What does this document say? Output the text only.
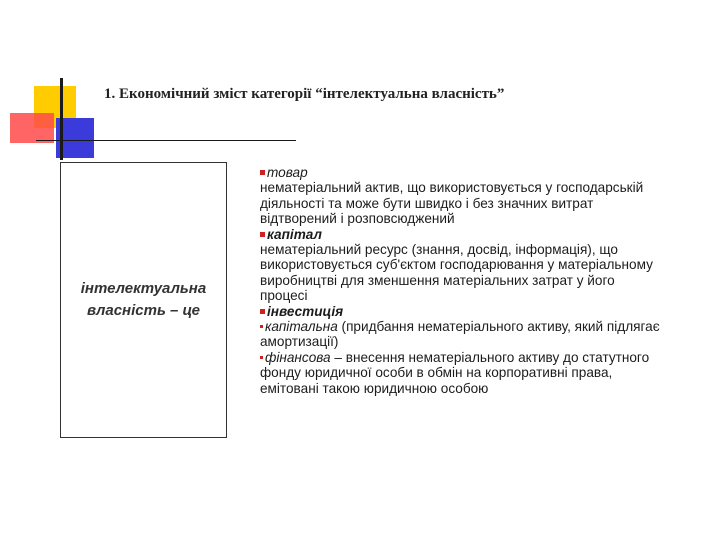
1. Економічний зміст категорії “інтелектуальна власність”
інтелектуальна власність – це

товар

нематеріальний актив, що використовується у господарській діяльності та може бути швидко і без значних витрат відтворений і розповсюджений

капітал

нематеріальний ресурс (знання, досвід, інформація), що використовується суб'єктом господарювання у матеріальному виробництві для зменшення матеріальних затрат у його процесі

інвестиція

капітальна (придбання нематеріального активу, який підлягає амортизації)

фінансова – внесення нематеріального активу до статутного фонду юридичної особи в обмін на корпоративні права, емітовані такою юридичною особою
